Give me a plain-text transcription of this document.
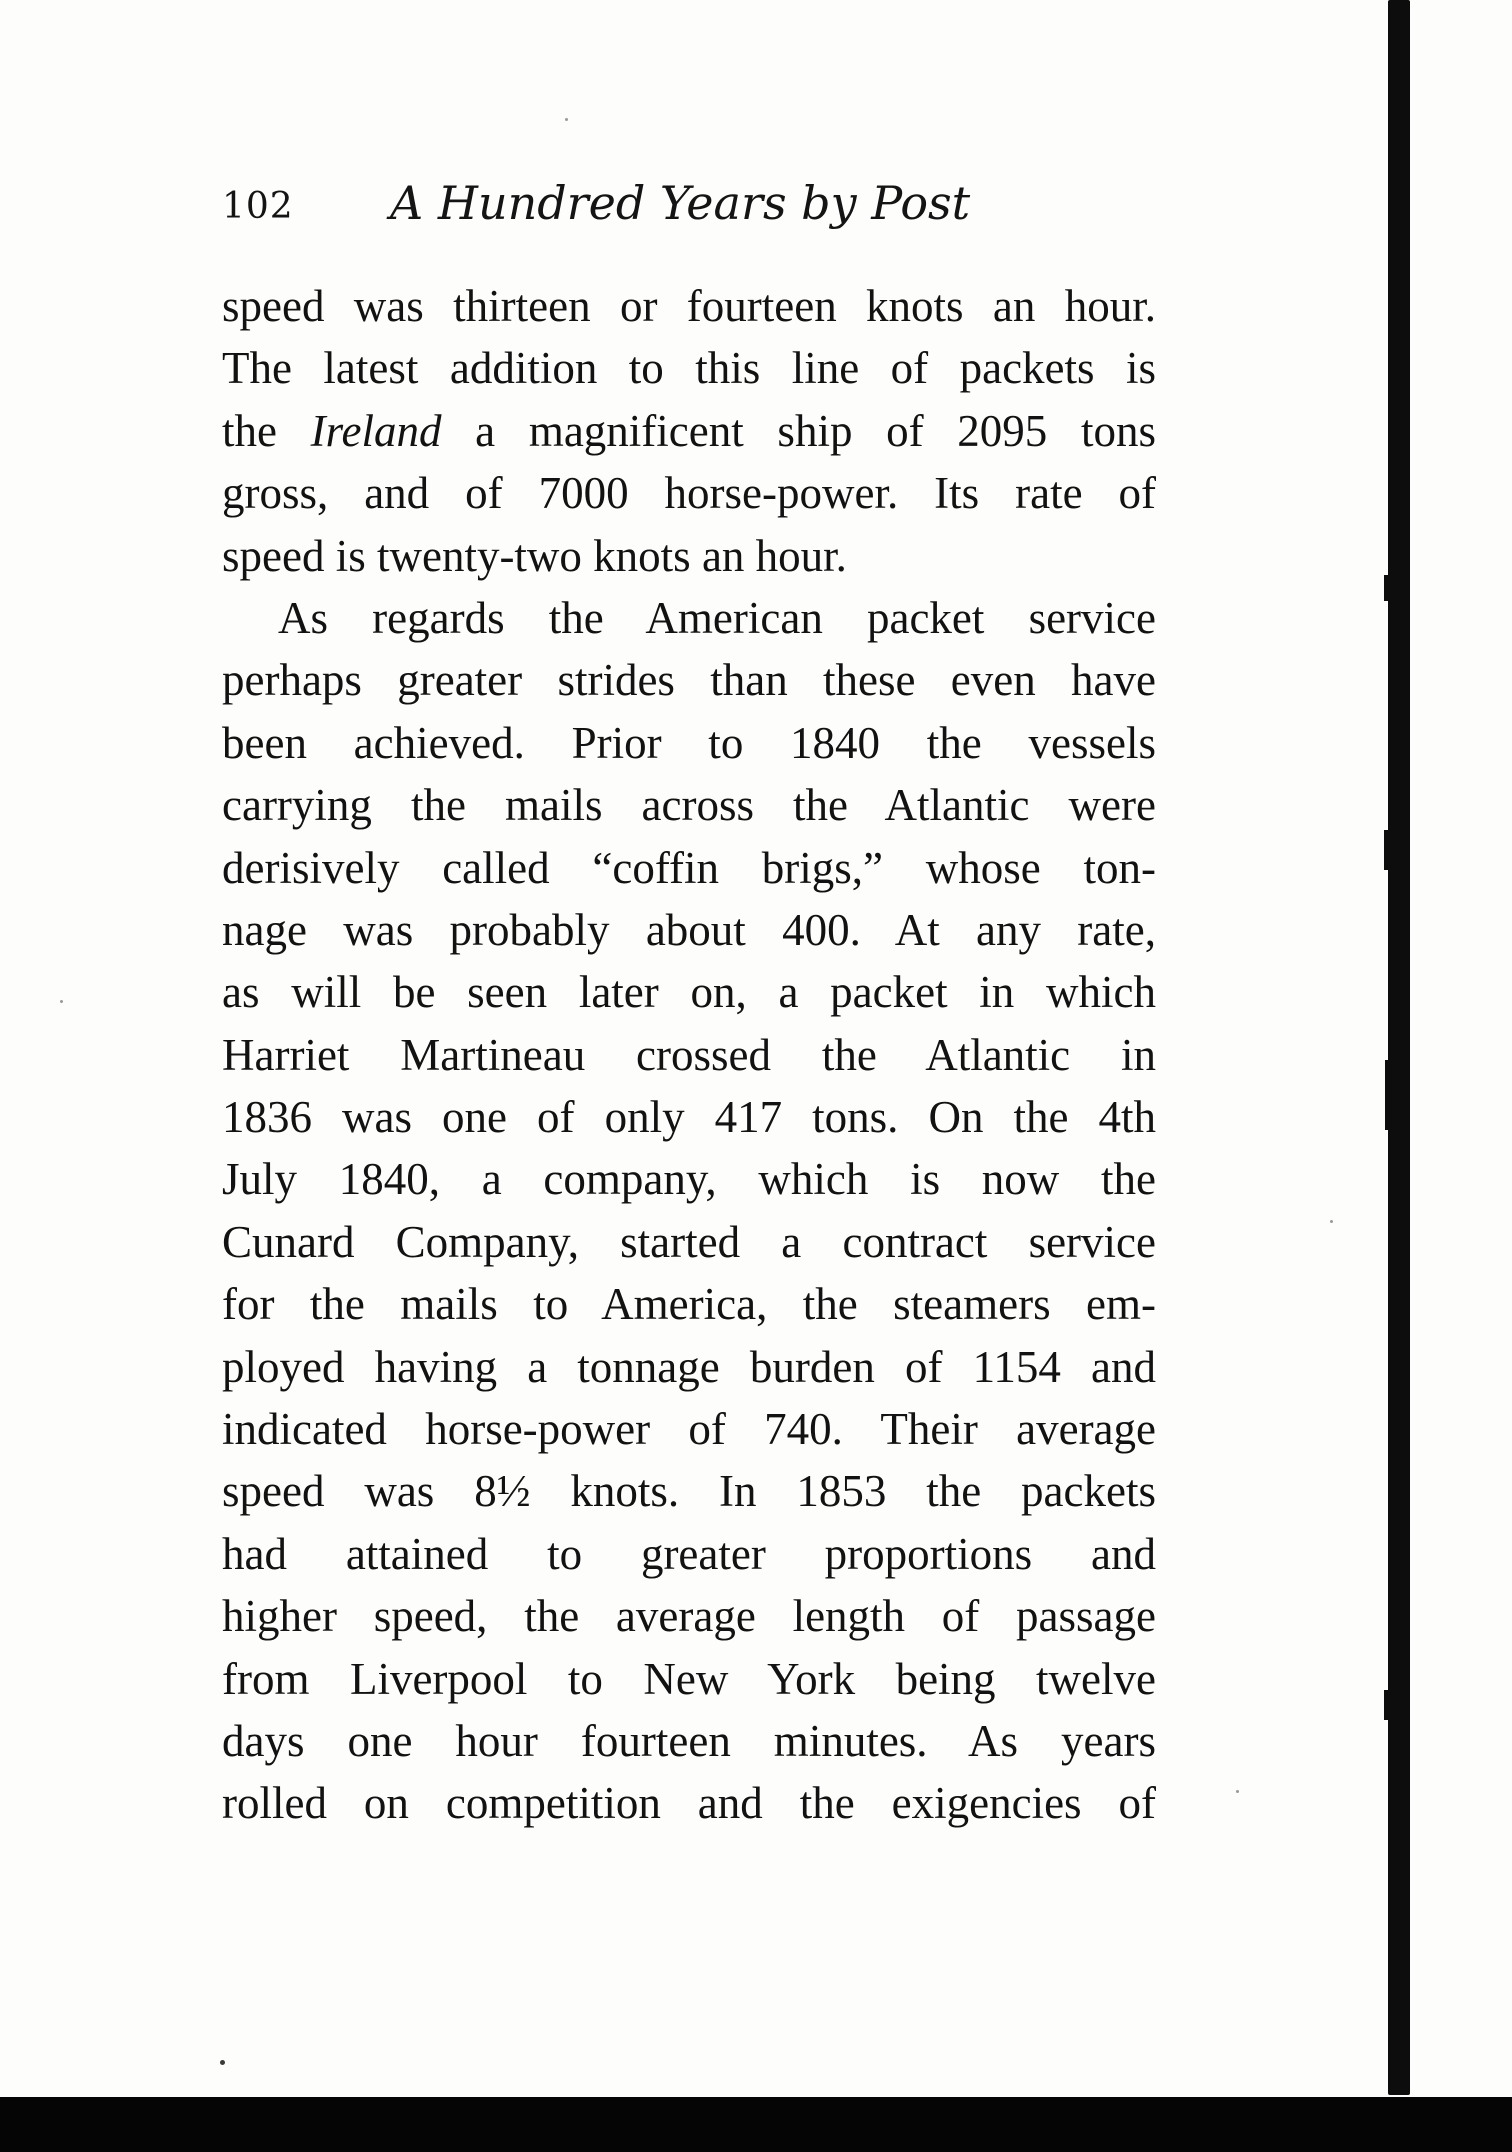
102 A Hundred Years by Post
speed was thirteen or fourteen knots an hour.
The latest addition to this line of packets is
the Ireland a magnificent ship of 2095 tons
gross, and of 7000 horse-power. Its rate of
speed is twenty-two knots an hour.
As regards the American packet service
perhaps greater strides than these even have
been achieved. Prior to 1840 the vessels
carrying the mails across the Atlantic were
derisively called “coffin brigs,” whose ton-
nage was probably about 400. At any rate,
as will be seen later on, a packet in which
Harriet Martineau crossed the Atlantic in
1836 was one of only 417 tons. On the 4th
July 1840, a company, which is now the
Cunard Company, started a contract service
for the mails to America, the steamers em-
ployed having a tonnage burden of 1154 and
indicated horse-power of 740. Their average
speed was 8½ knots. In 1853 the packets
had attained to greater proportions and
higher speed, the average length of passage
from Liverpool to New York being twelve
days one hour fourteen minutes. As years
rolled on competition and the exigencies of
